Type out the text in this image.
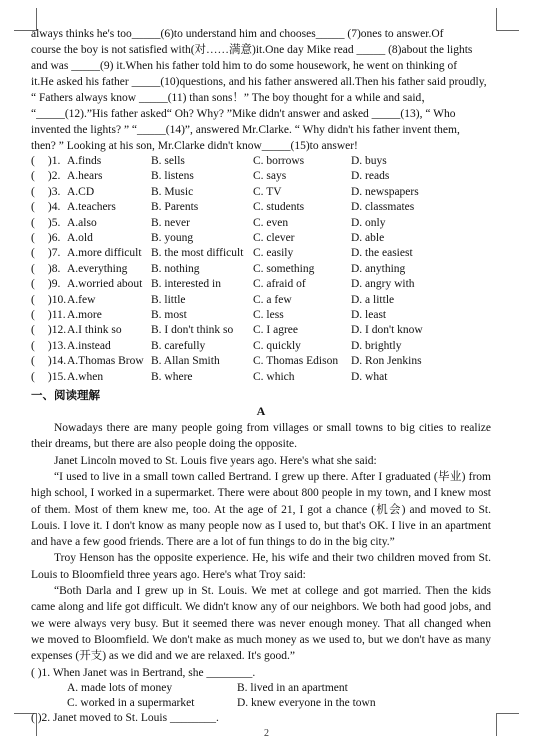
always thinks he's too_____(6)to understand him and chooses_____ (7)ones to answer.Of

course the boy is not satisfied with(对……满意)it.One day Mike read _____ (8)about the lights

and was _____(9) it.When his father told him to do some housework, he went on thinking of

it.He asked his father _____(10)questions, and his father answered all.Then his father said proudly,

“ Fathers always know _____(11) than sons！” The boy thought for a while and said，

“_____(12).”His father asked“ Oh? Why? ”Mike didn't answer and asked _____(13), “ Who

invented the lights? ” “_____(14)”, answered Mr.Clarke. “ Why didn't his father invent them,

then? ” Looking at his son, Mr.Clarke didn't know_____(15)to answer!

( )1.	A.finds	B. sells	C. borrows	D. buys
( )2.	A.hears	B. listens	C. says	D. reads
( )3.	A.CD	B. Music	C. TV	D. newspapers
( )4.	A.teachers	B. Parents	C. students	D. classmates
( )5.	A.also	B. never	C. even	D. only
( )6.	A.old	B. young	C. clever	D. able
( )7.	A.more difficult	B. the most difficult	C. easily	D. the easiest
( )8.	A.everything	B. nothing	C. something	D. anything
( )9.	A.worried about	B. interested in	C. afraid of	D. angry with
( )10.	A.few	B. little	C. a few	D. a little
( )11.	A.more	B. most	C. less	D. least
( )12.	A.I think so	B. I don't think so	C. I agree	D. I don't know
( )13.	A.instead	B. carefully	C. quickly	D. brightly
( )14.	A.Thomas Brow	B. Allan Smith	C. Thomas Edison	D. Ron Jenkins
( )15.	A.when	B. where	C. which	D. what
一、阅读理解
A

Nowadays there are many people going from villages or small towns to big cities to realize their dreams, but there are also people doing the opposite.

Janet Lincoln moved to St. Louis five years ago. Here's what she said:

“I used to live in a small town called Bertrand. I grew up there. After I graduated (毕业) from high school, I worked in a supermarket. There were about 800 people in my town, and I knew most of them. Most of them knew me, too. At the age of 21, I got a chance (机会) and moved to St. Louis. I love it. I don't know as many people now as I used to, but that's OK. I live in an apartment and have a few good friends. There are a lot of fun things to do in the big city.”

Troy Henson has the opposite experience. He, his wife and their two children moved from St. Louis to Bloomfield three years ago. Here's what Troy said:

“Both Darla and I grew up in St. Louis. We met at college and got married. Then the kids came along and life got difficult. We didn't know any of our neighbors. We both had good jobs, and we were always very busy. But it seemed there was never enough money. That all changed when we moved to Bloomfield. We don't make as much money as we used to, but we don't have as many expenses (开支) as we did and we are relaxed. It's good.”

( )1. When Janet was in Bertrand, she ________.
A. made lots of money	B. lived in an apartment
C. worked in a supermarket	D. knew everyone in the town
( )2. Janet moved to St. Louis ________.
2
